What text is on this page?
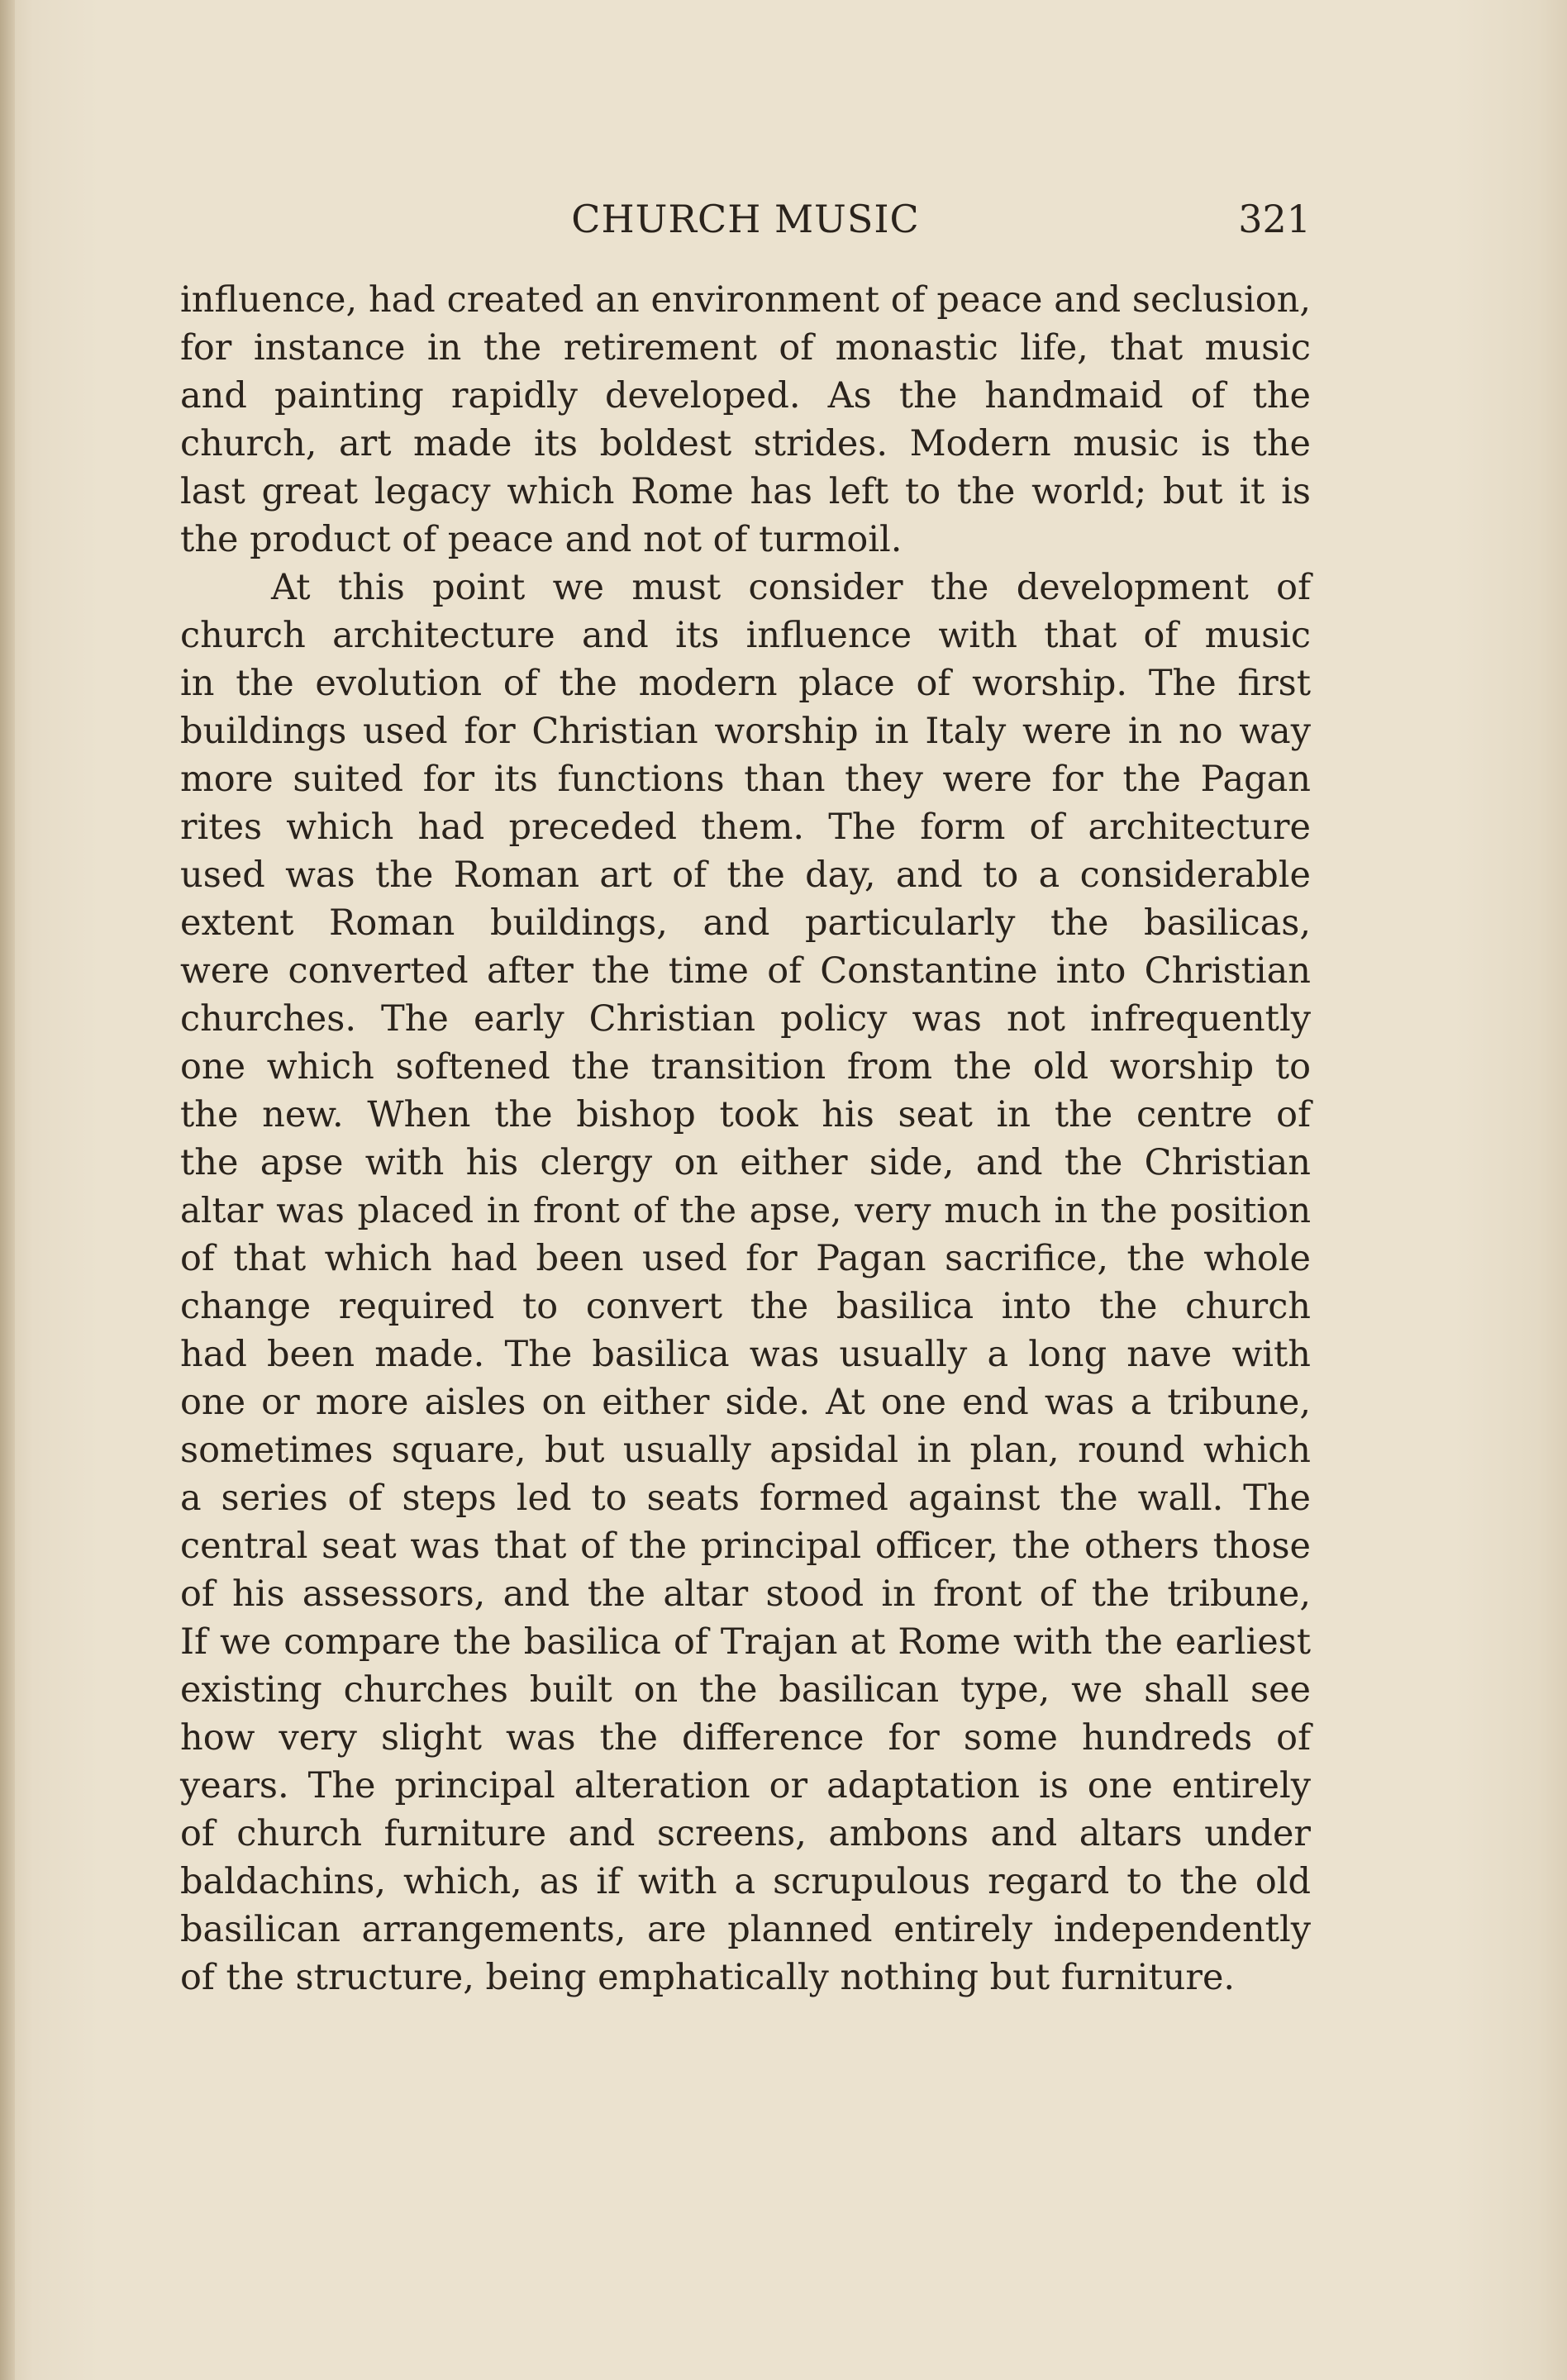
CHURCH MUSIC	321
influence, had created an environment of peace and seclusion,
for instance in the retirement of monastic life, that music
and painting rapidly developed. As the handmaid of the
church, art made its boldest strides. Modern music is the
last great legacy which Rome has left to the world; but it is
the product of peace and not of turmoil.
At this point we must consider the development of
church architecture and its influence with that of music
in the evolution of the modern place of worship. The first
buildings used for Christian worship in Italy were in no way
more suited for its functions than they were for the Pagan
rites which had preceded them. The form of architecture
used was the Roman art of the day, and to a considerable
extent Roman buildings, and particularly the basilicas,
were converted after the time of Constantine into Christian
churches. The early Christian policy was not infrequently
one which softened the transition from the old worship to
the new. When the bishop took his seat in the centre of
the apse with his clergy on either side, and the Christian
altar was placed in front of the apse, very much in the position
of that which had been used for Pagan sacrifice, the whole
change required to convert the basilica into the church
had been made. The basilica was usually a long nave with
one or more aisles on either side. At one end was a tribune,
sometimes square, but usually apsidal in plan, round which
a series of steps led to seats formed against the wall. The
central seat was that of the principal officer, the others those
of his assessors, and the altar stood in front of the tribune,
If we compare the basilica of Trajan at Rome with the earliest
existing churches built on the basilican type, we shall see
how very slight was the difference for some hundreds of
years. The principal alteration or adaptation is one entirely
of church furniture and screens, ambons and altars under
baldachins, which, as if with a scrupulous regard to the old
basilican arrangements, are planned entirely independently
of the structure, being emphatically nothing but furniture.
